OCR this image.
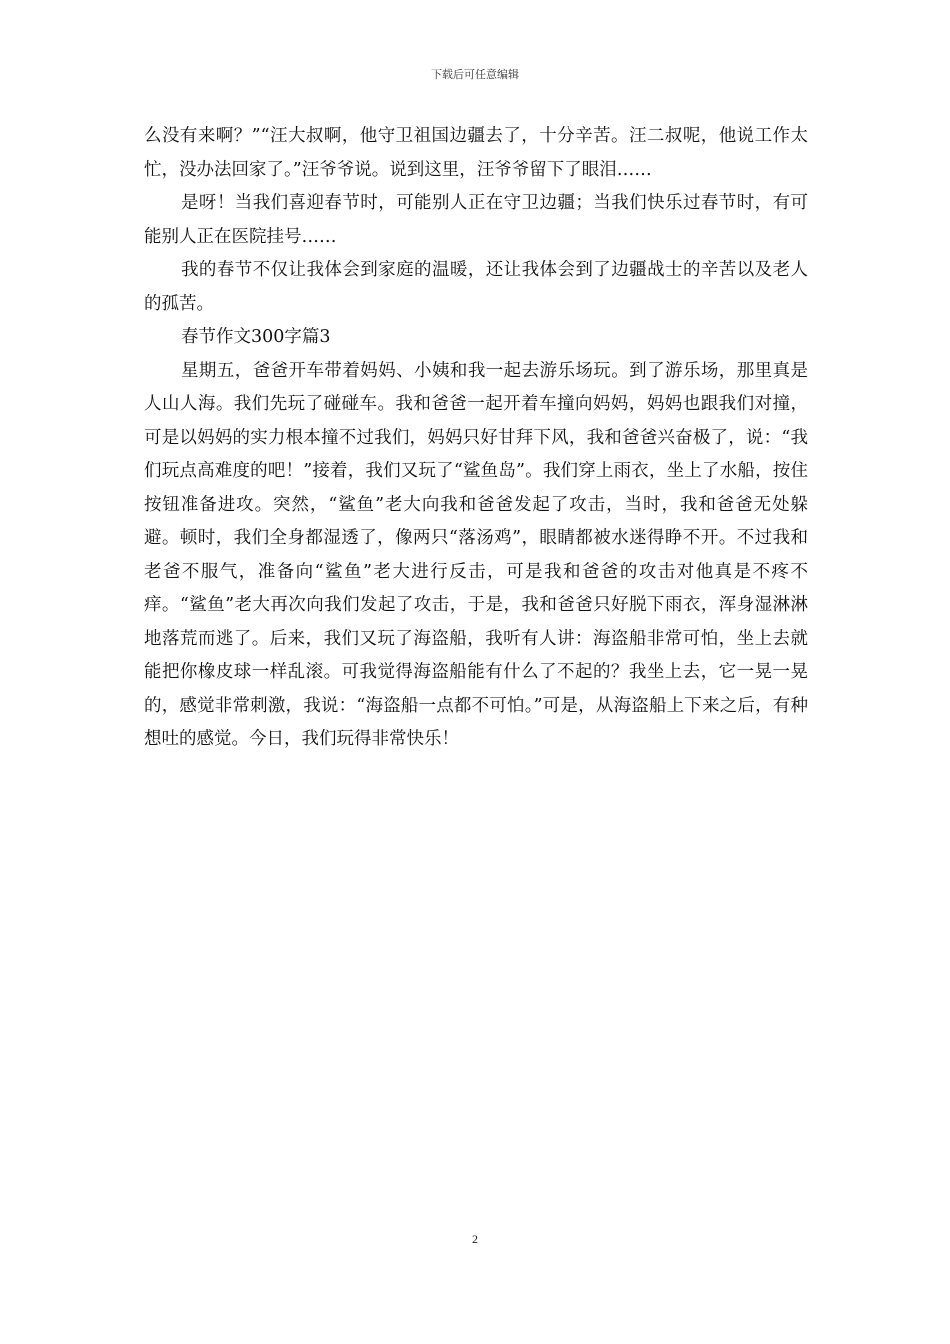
下载后可任意编辑

么没有来啊？”“汪大叔啊，他守卫祖国边疆去了，十分辛苦。汪二叔呢，他说工作太忙，没办法回家了。”汪爷爷说。说到这里，汪爷爷留下了眼泪……

是呀！当我们喜迎春节时，可能别人正在守卫边疆；当我们快乐过春节时，有可能别人正在医院挂号……

我的春节不仅让我体会到家庭的温暖，还让我体会到了边疆战士的辛苦以及老人的孤苦。

春节作文300字篇3

星期五，爸爸开车带着妈妈、小姨和我一起去游乐场玩。到了游乐场，那里真是人山人海。我们先玩了碰碰车。我和爸爸一起开着车撞向妈妈，妈妈也跟我们对撞，可是以妈妈的实力根本撞不过我们，妈妈只好甘拜下风，我和爸爸兴奋极了，说：“我们玩点高难度的吧！”接着，我们又玩了“鲨鱼岛”。我们穿上雨衣，坐上了水船，按住按钮准备进攻。突然，“鲨鱼”老大向我和爸爸发起了攻击，当时，我和爸爸无处躲避。顿时，我们全身都湿透了，像两只“落汤鸡”，眼睛都被水迷得睁不开。不过我和老爸不服气，准备向“鲨鱼”老大进行反击，可是我和爸爸的攻击对他真是不疼不痒。“鲨鱼”老大再次向我们发起了攻击，于是，我和爸爸只好脱下雨衣，浑身湿淋淋地落荒而逃了。后来，我们又玩了海盗船，我听有人讲：海盗船非常可怕，坐上去就能把你橡皮球一样乱滚。可我觉得海盗船能有什么了不起的？我坐上去，它一晃一晃的，感觉非常刺激，我说：“海盗船一点都不可怕。”可是，从海盗船上下来之后，有种想吐的感觉。今日，我们玩得非常快乐！

2
